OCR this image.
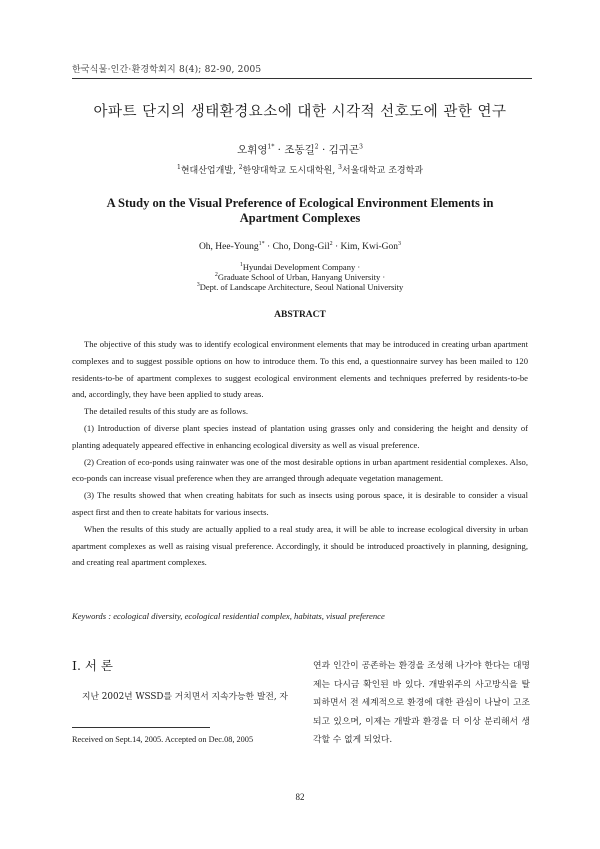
한국식물·인간·환경학회지 8(4); 82-90, 2005
아파트 단지의 생태환경요소에 대한 시각적 선호도에 관한 연구
오휘영$^{1*}$ · 조동길$^2$ · 김귀곤$^3$
$^1$현대산업개발, $^2$한양대학교 도시대학원, $^3$서울대학교 조경학과
A Study on the Visual Preference of Ecological Environment Elements in
Apartment Complexes
Oh, Hee-Young$^{1*}$ · Cho, Dong-Gil$^2$ · Kim, Kwi-Gon$^3$
$^1$Hyundai Development Company ·
$^2$Graduate School of Urban, Hanyang University ·
$^3$Dept. of Landscape Architecture, Seoul National University
ABSTRACT

The objective of this study was to identify ecological environment elements that may be introduced in creating urban apartment complexes and to suggest possible options on how to introduce them. To this end, a questionnaire survey has been mailed to 120 residents-to-be of apartment complexes to suggest ecological environment elements and techniques preferred by residents-to-be and, accordingly, they have been applied to study areas.

The detailed results of this study are as follows.

(1) Introduction of diverse plant species instead of plantation using grasses only and considering the height and density of planting adequately appeared effective in enhancing ecological diversity as well as visual preference.

(2) Creation of eco-ponds using rainwater was one of the most desirable options in urban apartment residential complexes. Also, eco-ponds can increase visual preference when they are arranged through adequate vegetation management.

(3) The results showed that when creating habitats for such as insects using porous space, it is desirable to consider a visual aspect first and then to create habitats for various insects.

When the results of this study are actually applied to a real study area, it will be able to increase ecological diversity in urban apartment complexes as well as raising visual preference. Accordingly, it should be introduced proactively in planning, designing, and creating real apartment complexes.

Keywords : ecological diversity, ecological residential complex, habitats, visual preference
I. 서 론
지난 2002년 WSSD를 거치면서 지속가능한 발전, 자
Received on Sept.14, 2005. Accepted on Dec.08, 2005
연과 인간이 공존하는 환경을 조성해 나가야 한다는 대명제는 다시금 확인된 바 있다. 개발위주의 사고방식을 탈피하면서 전 세계적으로 환경에 대한 관심이 나날이 고조되고 있으며, 이제는 개발과 환경을 더 이상 분리해서 생각할 수 없게 되었다.
82
